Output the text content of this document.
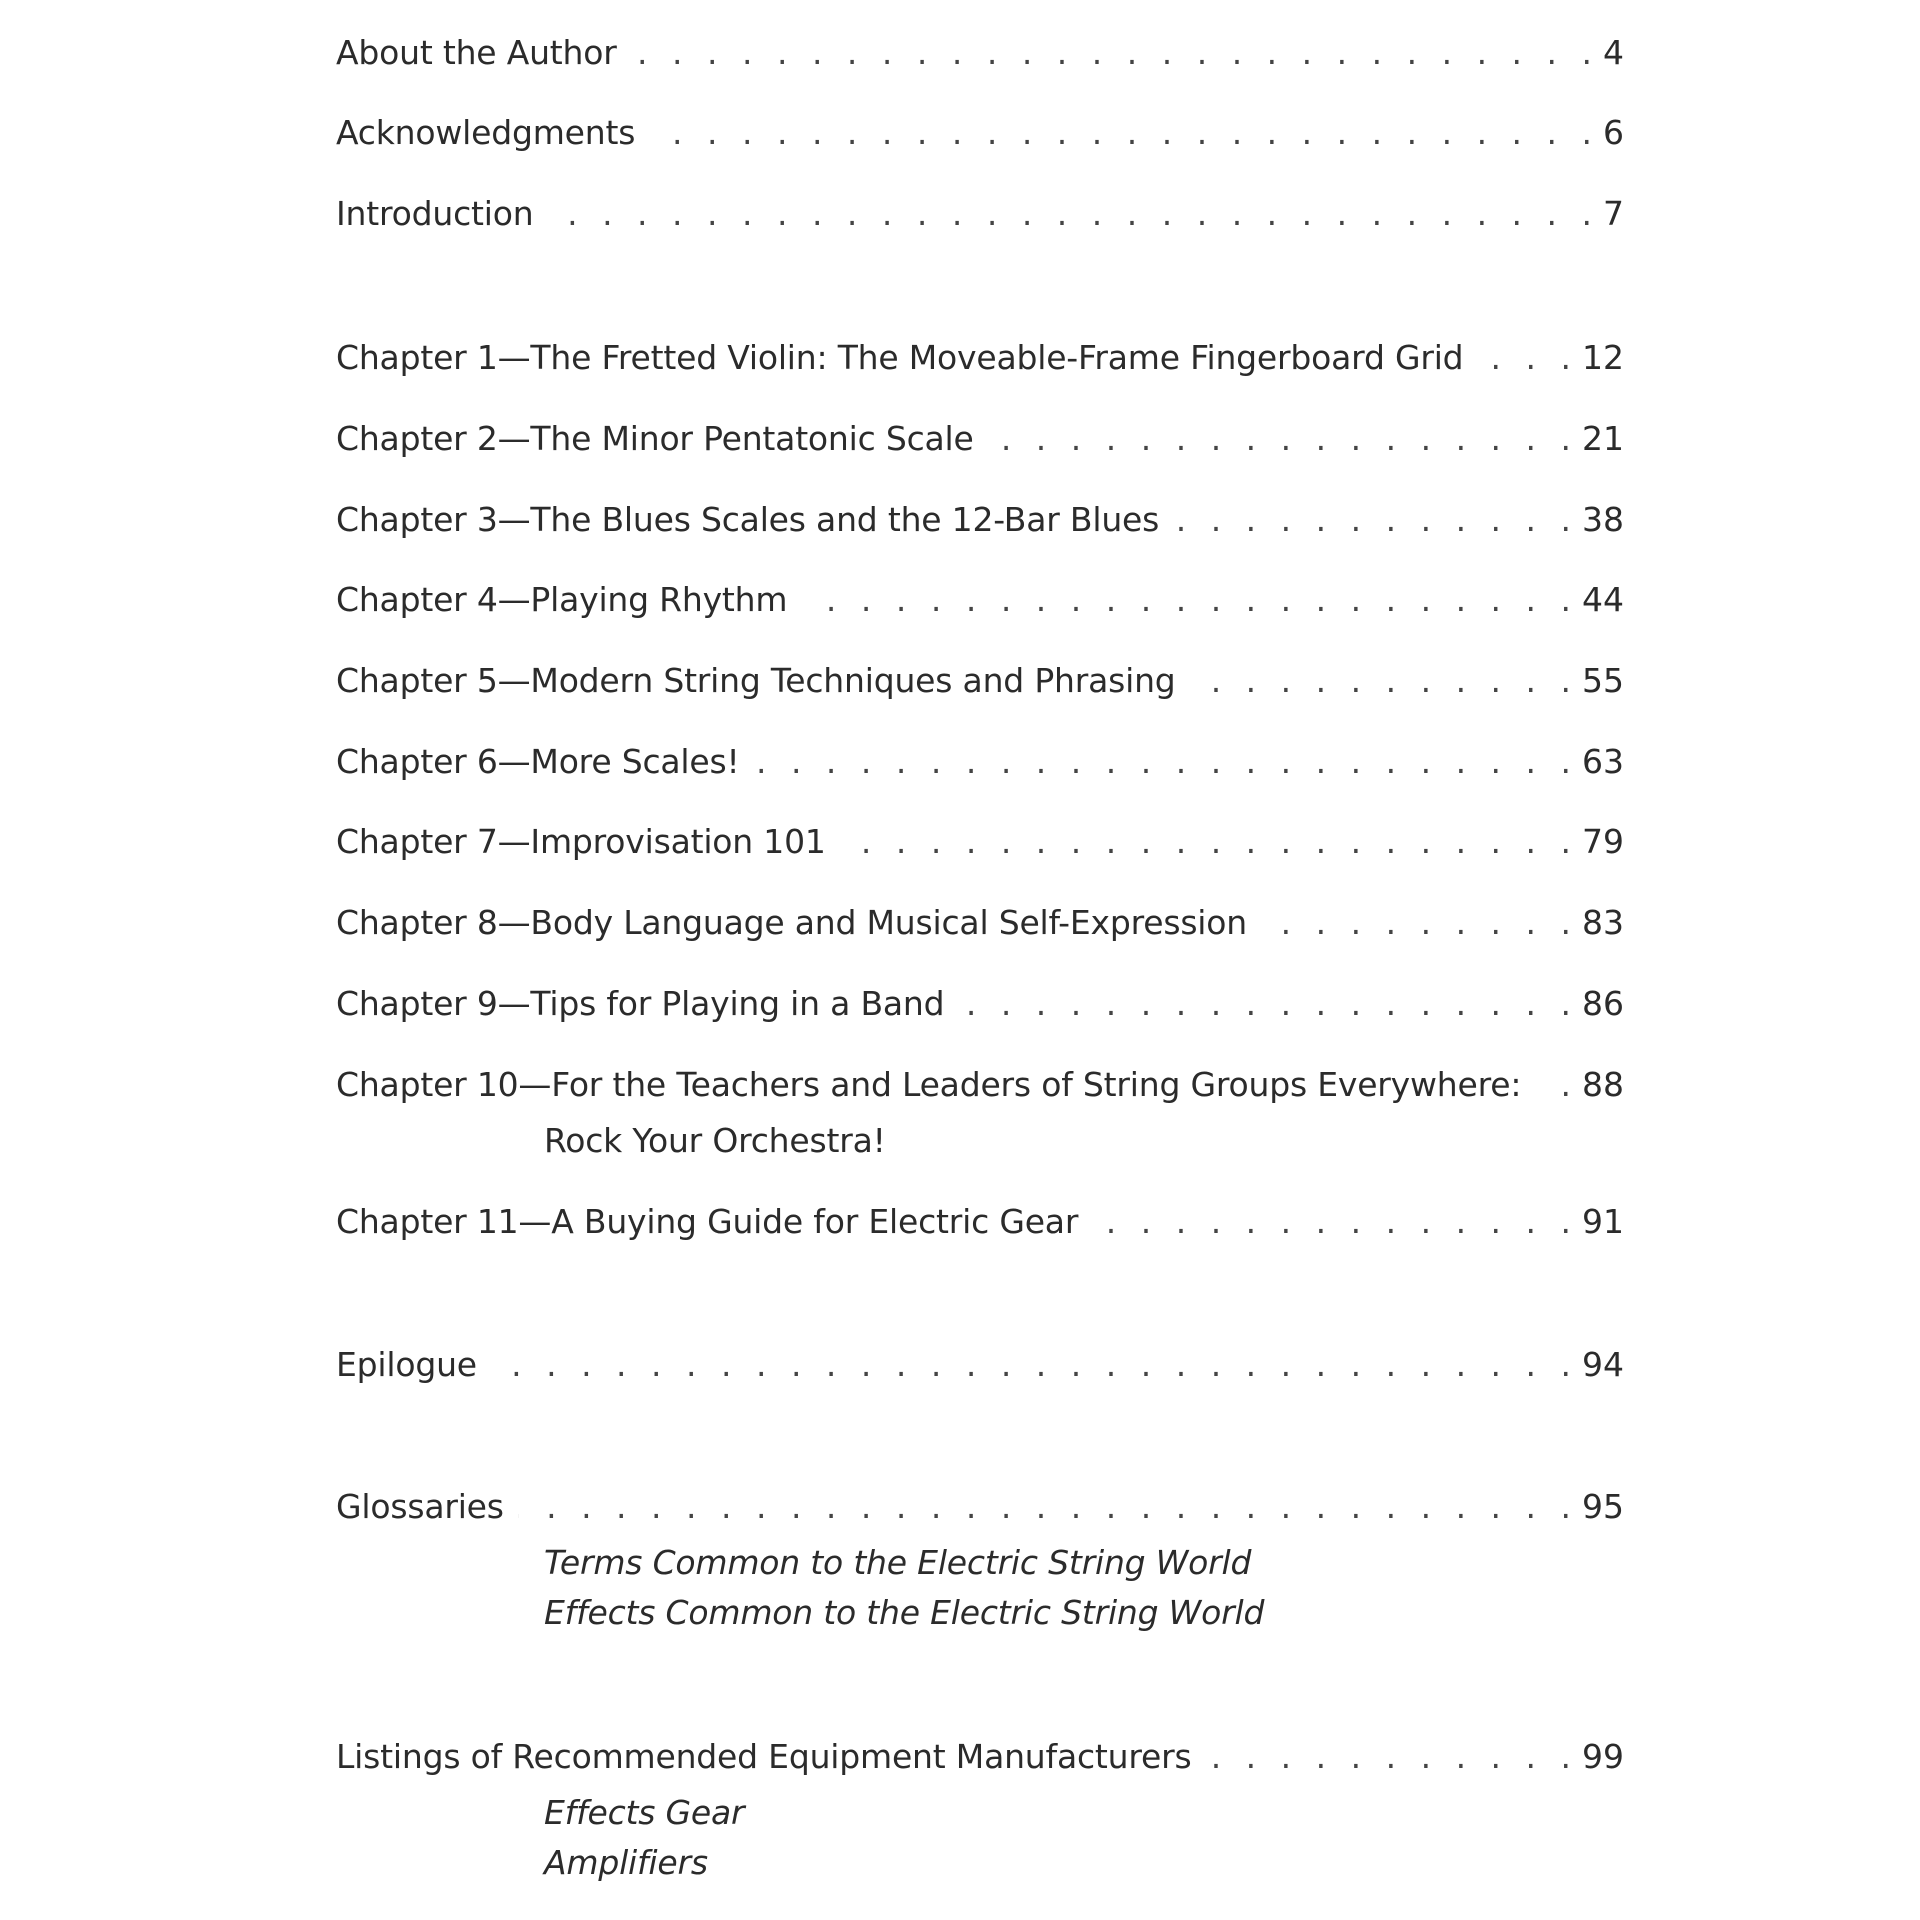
About the Author . . .	4
Acknowledgments . . .	6
Introduction . . .	7
Chapter 1—The Fretted Violin: The Moveable-Frame Fingerboard Grid . . .	12
Chapter 2—The Minor Pentatonic Scale . . .	21
Chapter 3—The Blues Scales and the 12-Bar Blues . . .	38
Chapter 4—Playing Rhythm . . .	44
Chapter 5—Modern String Techniques and Phrasing . . .	55
Chapter 6—More Scales! . . .	63
Chapter 7—Improvisation 101 . . .	79
Chapter 8—Body Language and Musical Self-Expression . . .	83
Chapter 9—Tips for Playing in a Band . . .	86
Chapter 10—For the Teachers and Leaders of String Groups Everywhere: . . .	88
Rock Your Orchestra!
Chapter 11—A Buying Guide for Electric Gear . . .	91
Epilogue . . .	94
Glossaries . . .	95
Terms Common to the Electric String World
Effects Common to the Electric String World
Listings of Recommended Equipment Manufacturers . . .	99
Effects Gear
Amplifiers
